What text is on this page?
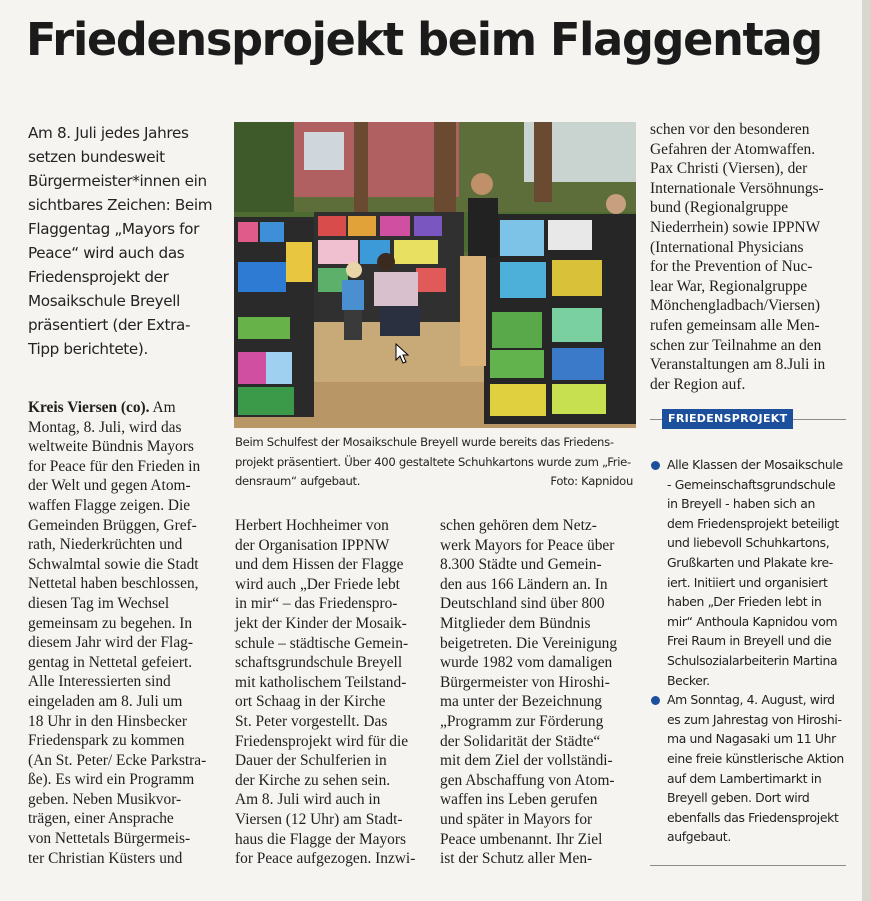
Friedensprojekt beim Flaggentag
Am 8. Juli jedes Jahres
setzen bundesweit
Bürgermeister*innen ein
sichtbares Zeichen: Beim
Flaggentag „Mayors for
Peace“ wird auch das
Friedensprojekt der
Mosaikschule Breyell
präsentiert (der Extra-
Tipp berichtete).
Beim Schulfest der Mosaikschule Breyell wurde bereits das Friedens-
projekt präsentiert. Über 400 gestaltete Schuhkartons wurde zum „Frie-
densraum“ aufgebaut.	Foto: Kapnidou
Kreis Viersen (co). Am
Montag, 8. Juli, wird das
weltweite Bündnis Mayors
for Peace für den Frieden in
der Welt und gegen Atom-
waffen Flagge zeigen. Die
Gemeinden Brüggen, Gref-
rath, Niederkrüchten und
Schwalmtal sowie die Stadt
Nettetal haben beschlossen,
diesen Tag im Wechsel
gemeinsam zu begehen. In
diesem Jahr wird der Flag-
gentag in Nettetal gefeiert.
Alle Interessierten sind
eingeladen am 8. Juli um
18 Uhr in den Hinsbecker
Friedenspark zu kommen
(An St. Peter/ Ecke Parkstra-
ße). Es wird ein Programm
geben. Neben Musikvor-
trägen, einer Ansprache
von Nettetals Bürgermeis-
ter Christian Küsters und
Herbert Hochheimer von
der Organisation IPPNW
und dem Hissen der Flagge
wird auch „Der Friede lebt
in mir“ – das Friedenspro-
jekt der Kinder der Mosaik-
schule – städtische Gemein-
schaftsgrundschule Breyell
mit katholischem Teilstand-
ort Schaag in der Kirche
St. Peter vorgestellt. Das
Friedensprojekt wird für die
Dauer der Schulferien in
der Kirche zu sehen sein.
Am 8. Juli wird auch in
Viersen (12 Uhr) am Stadt-
haus die Flagge der Mayors
for Peace aufgezogen. Inzwi-
schen gehören dem Netz-
werk Mayors for Peace über
8.300 Städte und Gemein-
den aus 166 Ländern an. In
Deutschland sind über 800
Mitglieder dem Bündnis
beigetreten. Die Vereinigung
wurde 1982 vom damaligen
Bürgermeister von Hiroshi-
ma unter der Bezeichnung
„Programm zur Förderung
der Solidarität der Städte“
mit dem Ziel der vollständi-
gen Abschaffung von Atom-
waffen ins Leben gerufen
und später in Mayors for
Peace umbenannt. Ihr Ziel
ist der Schutz aller Men-
schen vor den besonderen
Gefahren der Atomwaffen.
Pax Christi (Viersen), der
Internationale Versöhnungs-
bund (Regionalgruppe
Niederrhein) sowie IPPNW
(International Physicians
for the Prevention of Nuc-
lear War, Regionalgruppe
Mönchengladbach/Viersen)
rufen gemeinsam alle Men-
schen zur Teilnahme an den
Veranstaltungen am 8.Juli in
der Region auf.
FRIEDENSPROJEKT
Alle Klassen der Mosaikschule
- Gemeinschaftsgrundschule
in Breyell - haben sich an
dem Friedensprojekt beteiligt
und liebevoll Schuhkartons,
Grußkarten und Plakate kre-
iert. Initiiert und organisiert
haben „Der Frieden lebt in
mir“ Anthoula Kapnidou vom
Frei Raum in Breyell und die
Schulsozialarbeiterin Martina
Becker.
Am Sonntag, 4. August, wird
es zum Jahrestag von Hiroshi-
ma und Nagasaki um 11 Uhr
eine freie künstlerische Aktion
auf dem Lambertimarkt in
Breyell geben. Dort wird
ebenfalls das Friedensprojekt
aufgebaut.
